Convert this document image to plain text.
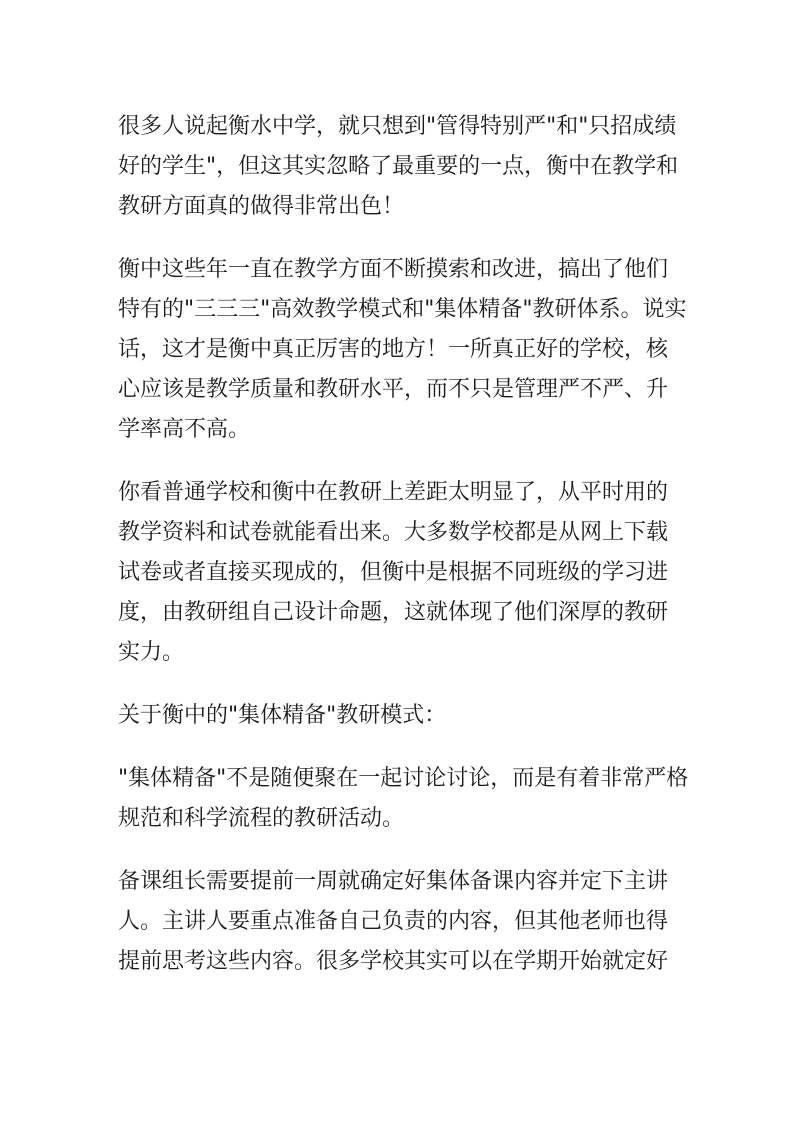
很多人说起衡水中学，就只想到"管得特别严"和"只招成绩
好的学生"，但这其实忽略了最重要的一点，衡中在教学和
教研方面真的做得非常出色！

衡中这些年一直在教学方面不断摸索和改进，搞出了他们
特有的"三三三"高效教学模式和"集体精备"教研体系。说实
话，这才是衡中真正厉害的地方！一所真正好的学校，核
心应该是教学质量和教研水平，而不只是管理严不严、升
学率高不高。

你看普通学校和衡中在教研上差距太明显了，从平时用的
教学资料和试卷就能看出来。大多数学校都是从网上下载
试卷或者直接买现成的，但衡中是根据不同班级的学习进
度，由教研组自己设计命题，这就体现了他们深厚的教研
实力。

关于衡中的"集体精备"教研模式：

"集体精备"不是随便聚在一起讨论讨论，而是有着非常严格
规范和科学流程的教研活动。

备课组长需要提前一周就确定好集体备课内容并定下主讲
人。主讲人要重点准备自己负责的内容，但其他老师也得
提前思考这些内容。很多学校其实可以在学期开始就定好
